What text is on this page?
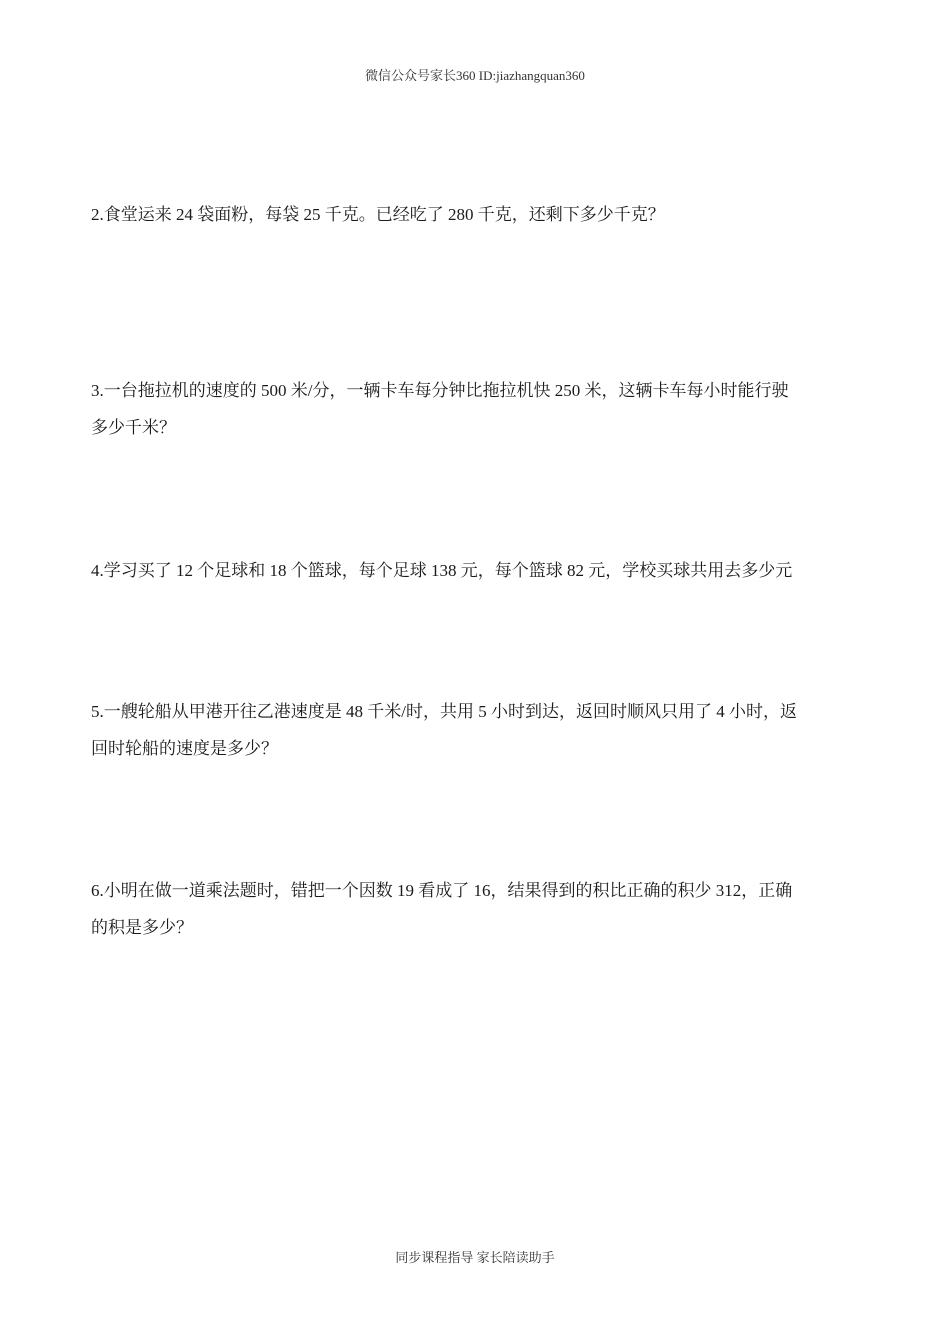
微信公众号家长360 ID:jiazhangquan360
2.食堂运来 24 袋面粉，每袋 25 千克。已经吃了 280 千克，还剩下多少千克？
3.一台拖拉机的速度的 500 米/分，一辆卡车每分钟比拖拉机快 250 米，这辆卡车每小时能行驶
多少千米？
4.学习买了 12 个足球和 18 个篮球，每个足球 138 元，每个篮球 82 元，学校买球共用去多少元
5.一艘轮船从甲港开往乙港速度是 48 千米/时，共用 5 小时到达，返回时顺风只用了 4 小时，返
回时轮船的速度是多少？
6.小明在做一道乘法题时，错把一个因数 19 看成了 16，结果得到的积比正确的积少 312，正确
的积是多少？
同步课程指导 家长陪读助手
